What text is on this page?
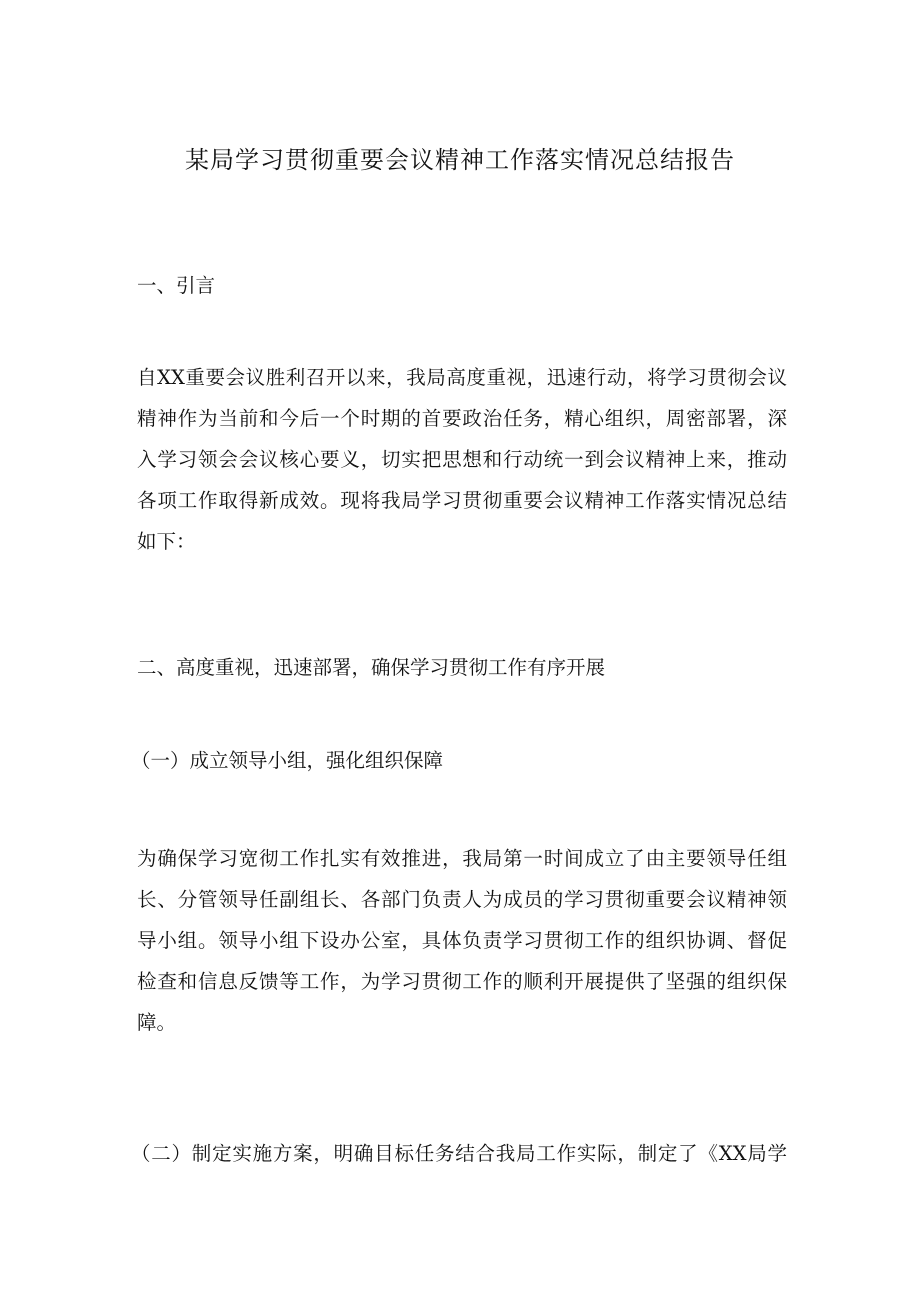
某局学习贯彻重要会议精神工作落实情况总结报告
一、引言
自XX重要会议胜利召开以来，我局高度重视，迅速行动，将学习贯彻会议
精神作为当前和今后一个时期的首要政治任务，精心组织，周密部署，深
入学习领会会议核心要义，切实把思想和行动统一到会议精神上来，推动
各项工作取得新成效。现将我局学习贯彻重要会议精神工作落实情况总结
如下：
二、高度重视，迅速部署，确保学习贯彻工作有序开展
（一）成立领导小组，强化组织保障
为确保学习宽彻工作扎实有效推进，我局第一时间成立了由主要领导任组
长、分管领导任副组长、各部门负责人为成员的学习贯彻重要会议精神领
导小组。领导小组下设办公室，具体负责学习贯彻工作的组织协调、督促
检查和信息反馈等工作，为学习贯彻工作的顺利开展提供了坚强的组织保
障。
（二）制定实施方案，明确目标任务结合我局工作实际，制定了《XX局学
